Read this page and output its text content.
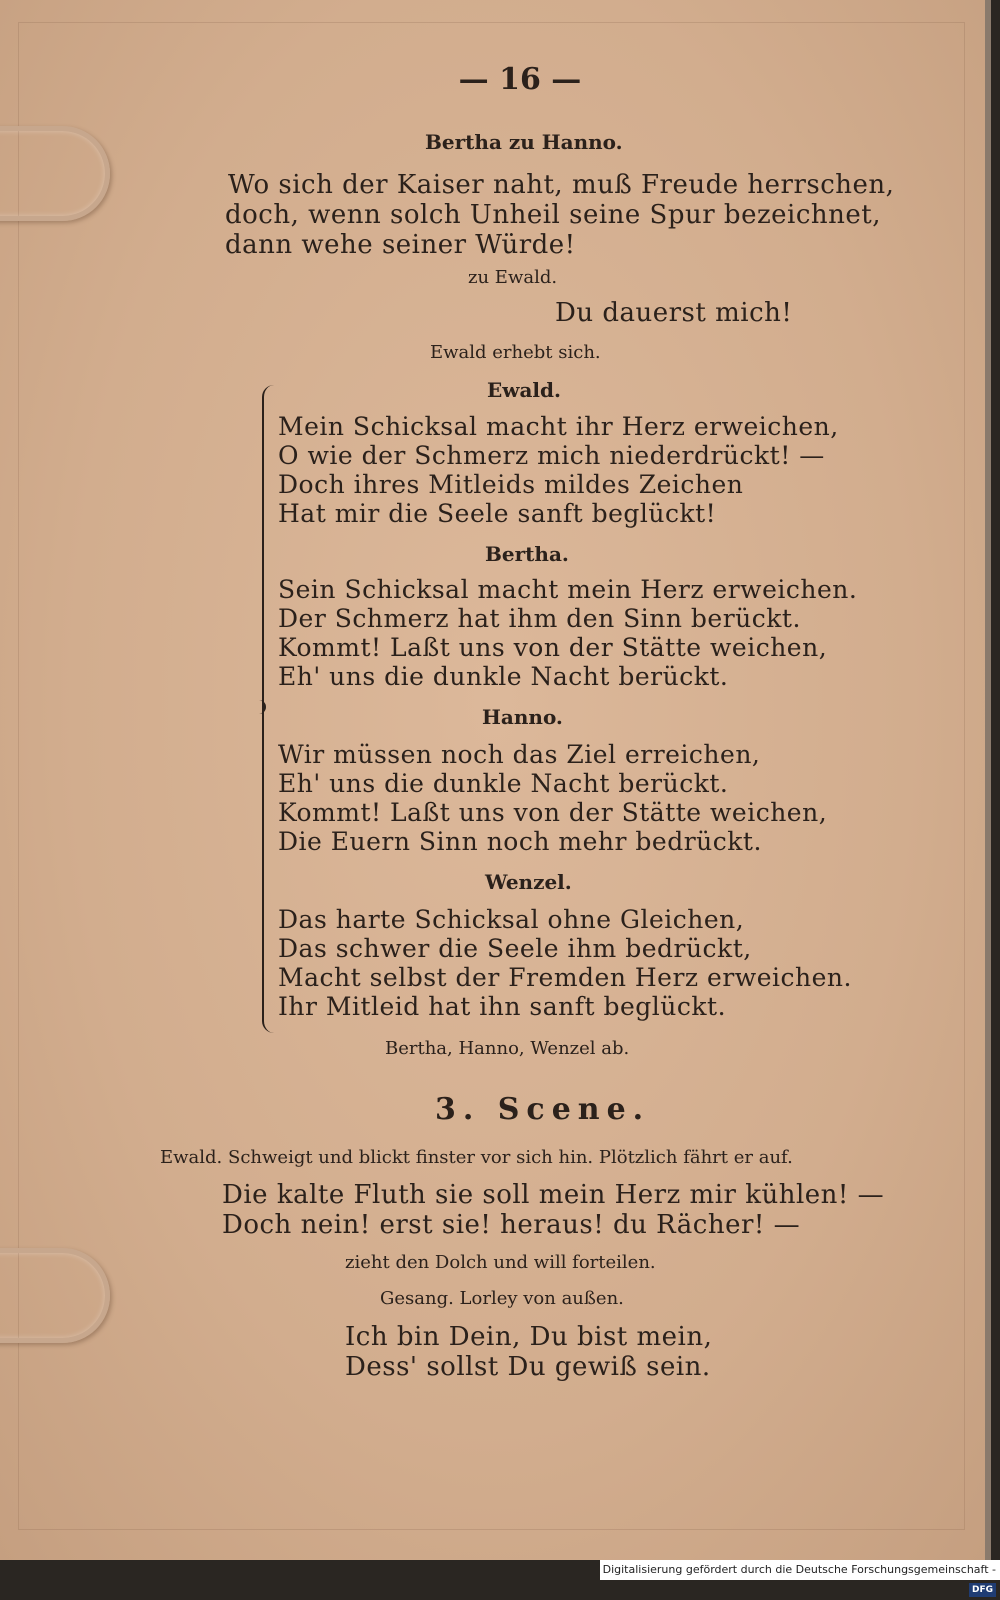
— 16 —
Bertha zu Hanno.
Wo sich der Kaiser naht, muß Freude herrschen,
doch, wenn solch Unheil seine Spur bezeichnet,
dann wehe seiner Würde!
zu Ewald.
Du dauerst mich!
Ewald erhebt sich.
Ewald.
Mein Schicksal macht ihr Herz erweichen,
O wie der Schmerz mich niederdrückt! —
Doch ihres Mitleids mildes Zeichen
Hat mir die Seele sanft beglückt!
Bertha.
Sein Schicksal macht mein Herz erweichen.
Der Schmerz hat ihm den Sinn berückt.
Kommt! Laßt uns von der Stätte weichen,
Eh' uns die dunkle Nacht berückt.
Hanno.
Wir müssen noch das Ziel erreichen,
Eh' uns die dunkle Nacht berückt.
Kommt! Laßt uns von der Stätte weichen,
Die Euern Sinn noch mehr bedrückt.
Wenzel.
Das harte Schicksal ohne Gleichen,
Das schwer die Seele ihm bedrückt,
Macht selbst der Fremden Herz erweichen.
Ihr Mitleid hat ihn sanft beglückt.
Bertha, Hanno, Wenzel ab.
3. Scene.
Ewald. Schweigt und blickt finster vor sich hin. Plötzlich fährt er auf.
Die kalte Fluth sie soll mein Herz mir kühlen! —
Doch nein! erst sie! heraus! du Rächer! —
zieht den Dolch und will forteilen.
Gesang. Lorley von außen.
Ich bin Dein, Du bist mein,
Dess' sollst Du gewiß sein.
Digitalisierung gefördert durch die Deutsche Forschungsgemeinschaft -DFG
